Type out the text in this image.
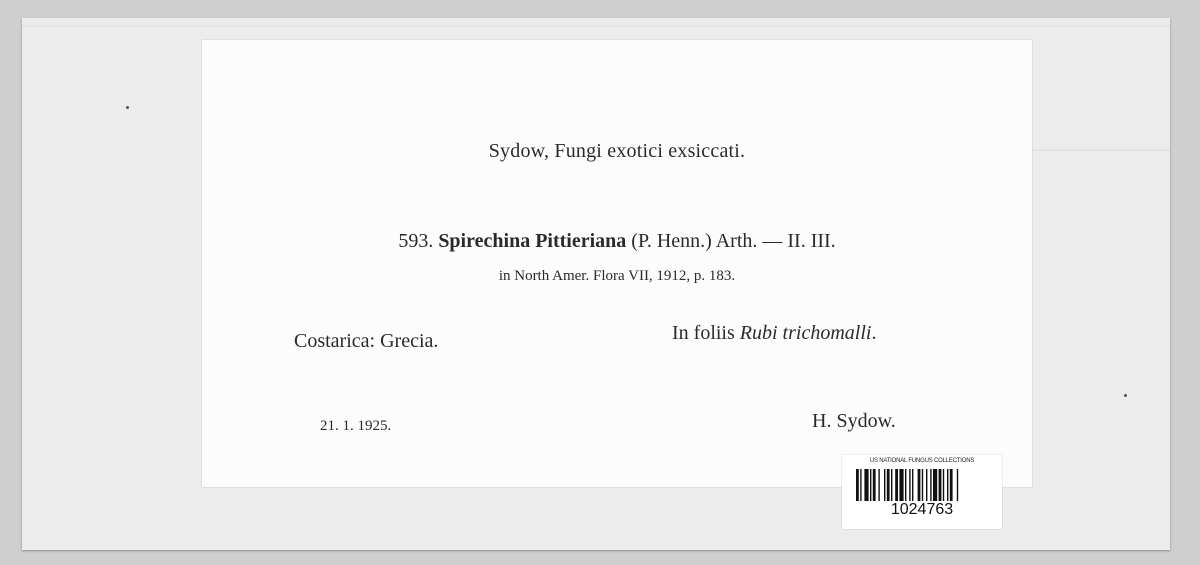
Sydow, Fungi exotici exsiccati.
593. Spirechina Pittieriana (P. Henn.) Arth. — II. III.
in North Amer. Flora VII, 1912, p. 183.
Costarica: Grecia.	In foliis Rubi trichomalli.
21. 1. 1925.	H. Sydow.
US NATIONAL FUNGUS COLLECTIONS
1024763
